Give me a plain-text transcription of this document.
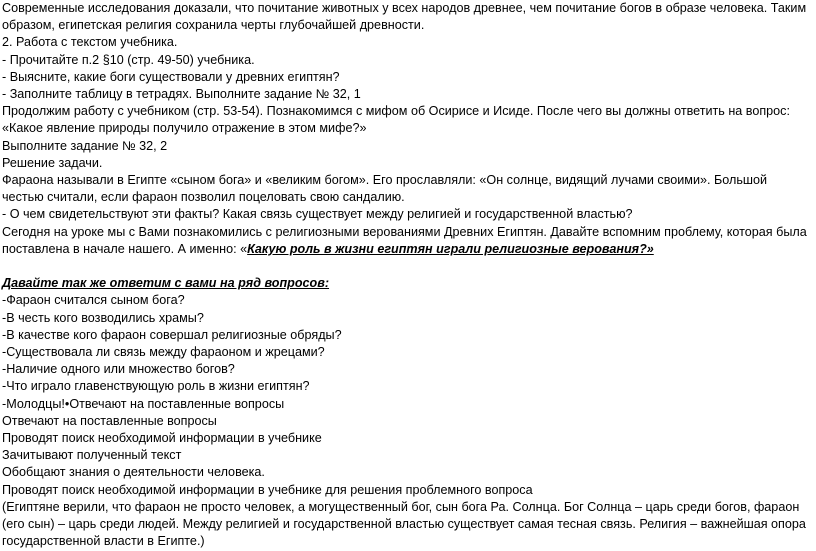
Современные исследования доказали, что почитание животных у всех народов древнее, чем почитание богов в образе человека. Таким образом, египетская религия сохранила черты глубочайшей древности.
2. Работа с текстом учебника.
- Прочитайте п.2 §10 (стр. 49-50) учебника.
- Выясните, какие боги существовали у древних египтян?
- Заполните таблицу в тетрадях. Выполните задание № 32, 1
Продолжим работу с учебником (стр. 53-54). Познакомимся с мифом об Осирисе и Исиде. После чего вы должны ответить на вопрос: «Какое явление природы получило отражение в этом мифе?»
Выполните задание № 32, 2
Решение задачи.
Фараона называли в Египте «сыном бога» и «великим богом». Его прославляли: «Он солнце, видящий лучами своими». Большой честью считали, если фараон позволил поцеловать свою сандалию.
- О чем свидетельствуют эти факты? Какая связь существует между религией и государственной властью?
Сегодня на уроке мы с Вами познакомились с религиозными верованиями Древних Египтян. Давайте вспомним проблему, которая была поставлена в начале нашего. А именно: «Какую роль в жизни египтян играли религиозные верования?»

Давайте так же ответим с вами на ряд вопросов:
-Фараон считался сыном бога?
-В честь кого возводились храмы?
-В качестве кого фараон совершал религиозные обряды?
-Существовала ли связь между фараоном и жрецами?
-Наличие одного или множество богов?
-Что играло главенствующую роль в жизни египтян?
-Молодцы!•Отвечают на поставленные вопросы
Отвечают на поставленные вопросы
Проводят поиск необходимой информации в учебнике
Зачитывают полученный текст
Обобщают знания о деятельности человека.
Проводят поиск необходимой информации в учебнике для решения проблемного вопроса
(Египтяне верили, что фараон не просто человек, а могущественный бог, сын бога Ра. Солнца. Бог Солнца – царь среди богов, фараон (его сын) – царь среди людей. Между религией и государственной властью существует самая тесная связь. Религия – важнейшая опора государственной власти в Египте.)
